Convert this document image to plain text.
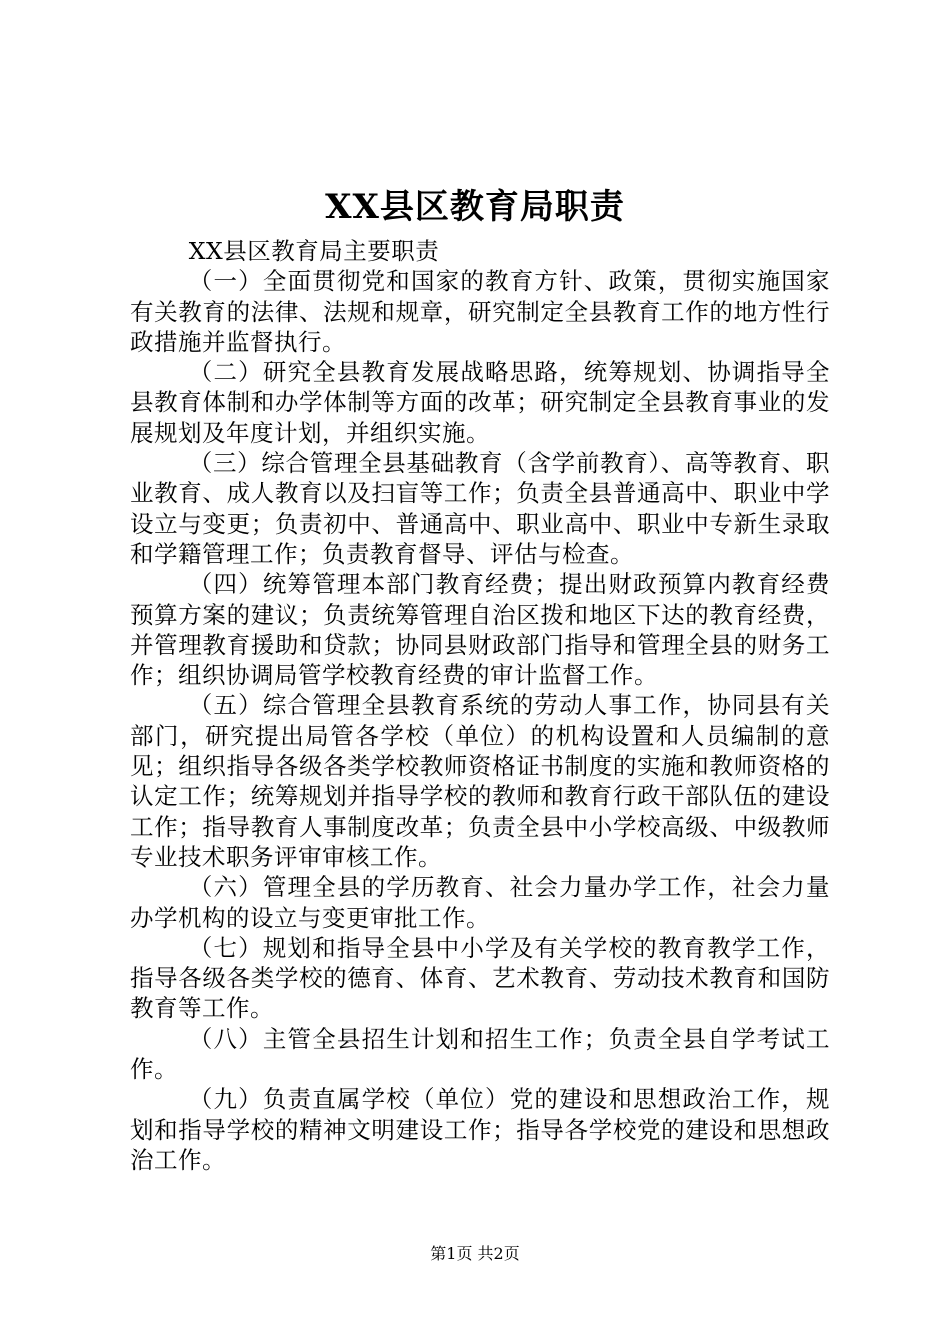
XX县区教育局职责

XX县区教育局主要职责

（一）全面贯彻党和国家的教育方针、政策，贯彻实施国家有关教育的法律、法规和规章，研究制定全县教育工作的地方性行政措施并监督执行。

（二）研究全县教育发展战略思路，统筹规划、协调指导全县教育体制和办学体制等方面的改革；研究制定全县教育事业的发展规划及年度计划，并组织实施。

（三）综合管理全县基础教育（含学前教育）、高等教育、职业教育、成人教育以及扫盲等工作；负责全县普通高中、职业中学设立与变更；负责初中、普通高中、职业高中、职业中专新生录取和学籍管理工作；负责教育督导、评估与检查。

（四）统筹管理本部门教育经费；提出财政预算内教育经费预算方案的建议；负责统筹管理自治区拨和地区下达的教育经费，并管理教育援助和贷款；协同县财政部门指导和管理全县的财务工作；组织协调局管学校教育经费的审计监督工作。

（五）综合管理全县教育系统的劳动人事工作，协同县有关部门，研究提出局管各学校（单位）的机构设置和人员编制的意见；组织指导各级各类学校教师资格证书制度的实施和教师资格的认定工作；统筹规划并指导学校的教师和教育行政干部队伍的建设工作；指导教育人事制度改革；负责全县中小学校高级、中级教师专业技术职务评审审核工作。

（六）管理全县的学历教育、社会力量办学工作，社会力量办学机构的设立与变更审批工作。

（七）规划和指导全县中小学及有关学校的教育教学工作，指导各级各类学校的德育、体育、艺术教育、劳动技术教育和国防教育等工作。

（八）主管全县招生计划和招生工作；负责全县自学考试工作。

（九）负责直属学校（单位）党的建设和思想政治工作，规划和指导学校的精神文明建设工作；指导各学校党的建设和思想政治工作。

第1页 共2页
